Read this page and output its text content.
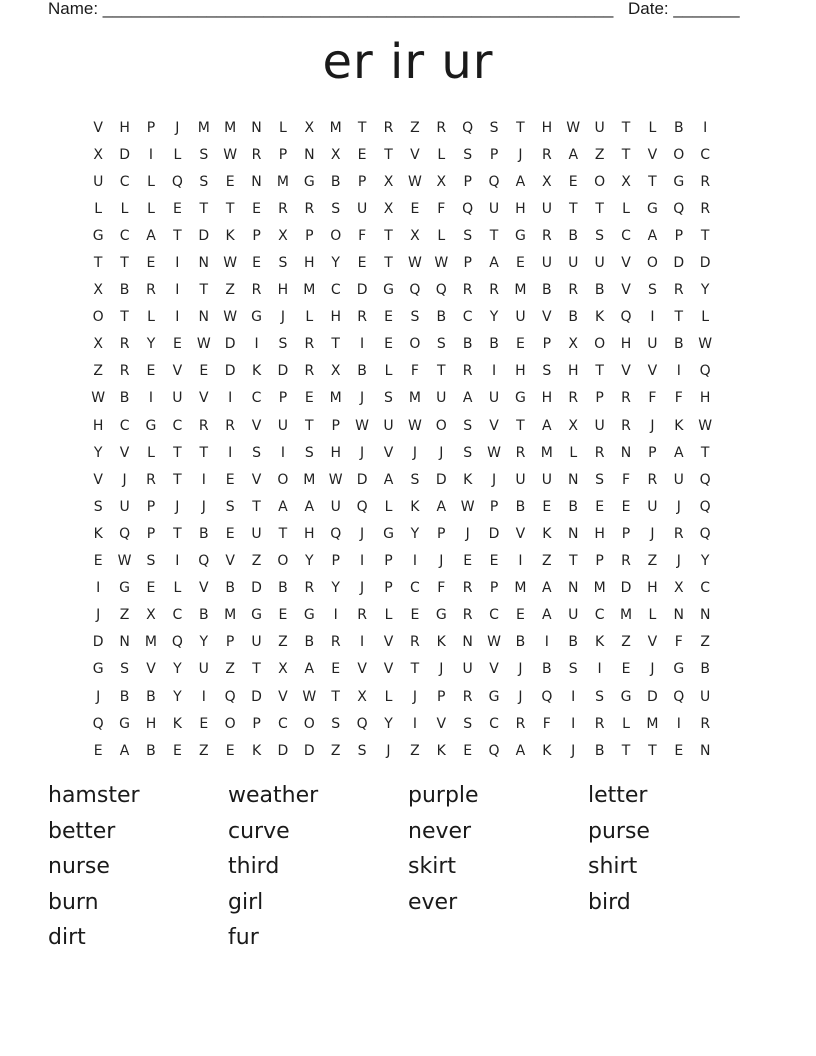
Name: ______________________________________________________ Date: _______
er ir ur
V	H	P	J	M	M	N	L	X	M	T	R	Z	R	Q	S	T	H	W	U	T	L	B	I
X	D	I	L	S	W	R	P	N	X	E	T	V	L	S	P	J	R	A	Z	T	V	O	C
U	C	L	Q	S	E	N	M	G	B	P	X	W	X	P	Q	A	X	E	O	X	T	G	R
L	L	L	E	T	T	E	R	R	S	U	X	E	F	Q	U	H	U	T	T	L	G	Q	R
G	C	A	T	D	K	P	X	P	O	F	T	X	L	S	T	G	R	B	S	C	A	P	T
T	T	E	I	N	W	E	S	H	Y	E	T	W W	P	A	E	U	U	U	V	O	D	D
X	B	R	I	T	Z	R	H	M	C	D	G	Q	Q	R	R	M	B	R	B	V	S	R	Y
O	T	L	I	N	W	G	J	L	H	R	E	S	B	C	Y	U	V	B	K	Q	I	T	L
X	R	Y	E	W	D	I	S	R	T	I	E	O	S	B	B	E	P	X	O	H	U	B	W
Z	R	E	V	E	D	K	D	R	X	B	L	F	T	R	I	H	S	H	T	V	V	I	Q
W	B	I	U	V	I	C	P	E	M	J	S	M	U	A	U	G	H	R	P	R	F	F	H
H	C	G	C	R	R	V	U	T	P	W	U	W O	S	V	T	A	X	U	R	J	K	W
Y	V	L	T	T	I	S	I	S	H	J	V	J	J	S	W	R	M	L	R	N	P	A	T
V	J	R	T	I	E	V	O	M W	D	A	S	D	K	J	U	U	N	S	F	R	U	Q
S	U	P	J	J	S	T	A	A	U	Q	L	K	A	W	P	B	E	B	E	E	U	J	Q
K	Q	P	T	B	E	U	T	H	Q	J	G	Y	P	J	D	V	K	N	H	P	J	R	Q
E	W	S	I	Q	V	Z	O	Y	P	I	P	I	J	E	E	I	Z	T	P	R	Z	J	Y
I	G	E	L	V	B	D	B	R	Y	J	P	C	F	R	P	M	A	N	M	D	H	X	C
J	Z	X	C	B	M	G	E	G	I	R	L	E	G	R	C	E	A	U	C	M	L	N	N
D	N	M	Q	Y	P	U	Z	B	R	I	V	R	K	N	W	B	I	B	K	Z	V	F	Z
G	S	V	Y	U	Z	T	X	A	E	V	V	T	J	U	V	J	B	S	I	E	J	G	B
J	B	B	Y	I	Q	D	V	W	T	X	L	J	P	R	G	J	Q	I	S	G	D	Q	U
Q	G	H	K	E	O	P	C	O	S	Q	Y	I	V	S	C	R	F	I	R	L	M	I	R
E	A	B	E	Z	E	K	D	D	Z	S	J	Z	K	E	Q	A	K	J	B	T	T	E	N
hamster	weather	purple	letter
better	curve	never	purse
nurse	third	skirt	shirt
burn	girl	ever	bird
dirt	fur
